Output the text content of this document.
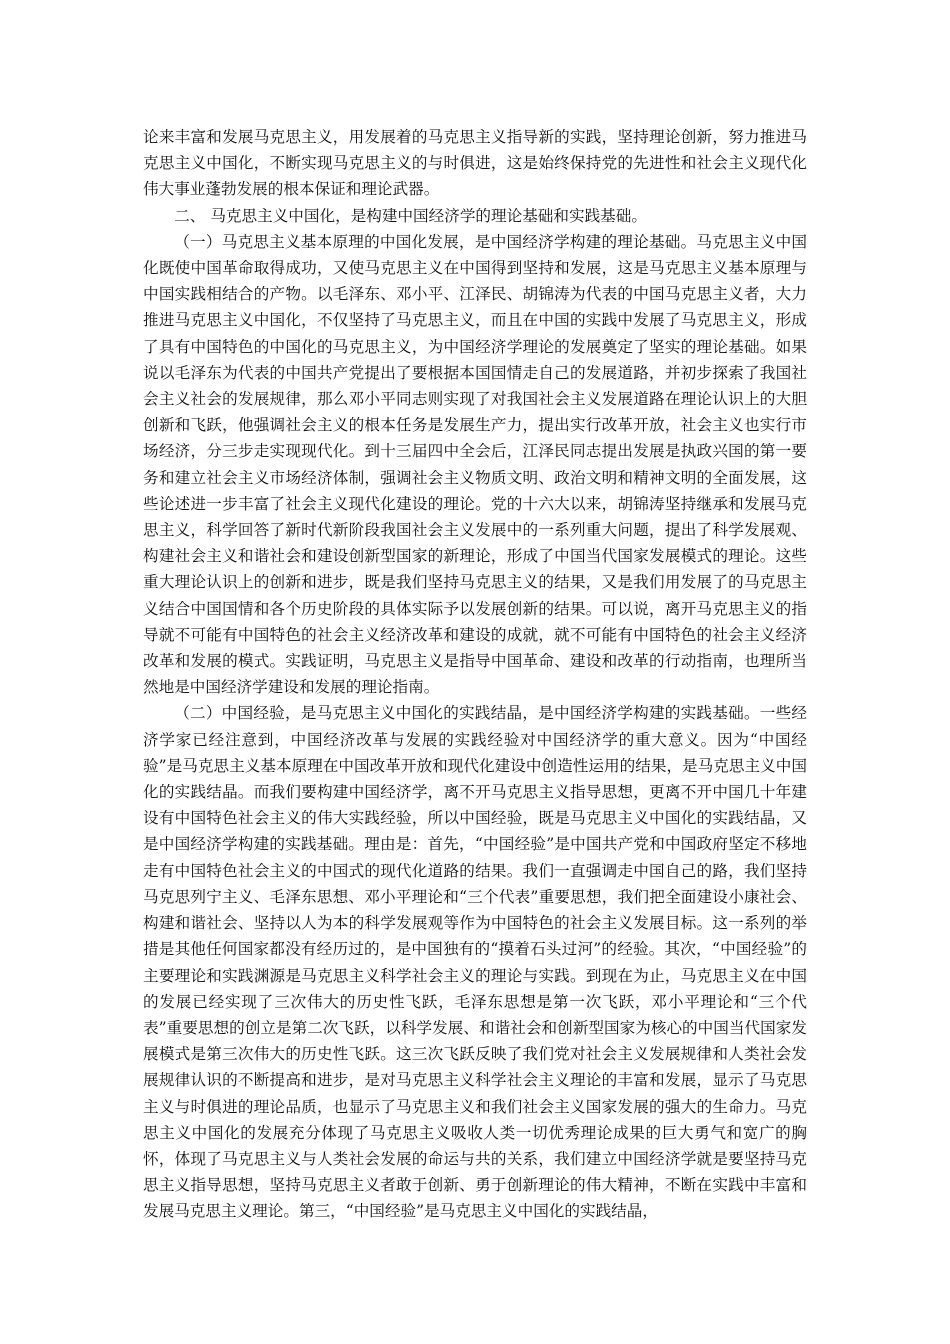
论来丰富和发展马克思主义，用发展着的马克思主义指导新的实践，坚持理论创新，努力推进马克思主义中国化，不断实现马克思主义的与时俱进，这是始终保持党的先进性和社会主义现代化伟大事业蓬勃发展的根本保证和理论武器。

二、 马克思主义中国化，是构建中国经济学的理论基础和实践基础。

（一）马克思主义基本原理的中国化发展，是中国经济学构建的理论基础。马克思主义中国化既使中国革命取得成功，又使马克思主义在中国得到坚持和发展，这是马克思主义基本原理与中国实践相结合的产物。以毛泽东、邓小平、江泽民、胡锦涛为代表的中国马克思主义者，大力推进马克思主义中国化，不仅坚持了马克思主义，而且在中国的实践中发展了马克思主义，形成了具有中国特色的中国化的马克思主义，为中国经济学理论的发展奠定了坚实的理论基础。如果说以毛泽东为代表的中国共产党提出了要根据本国国情走自己的发展道路，并初步探索了我国社会主义社会的发展规律，那么邓小平同志则实现了对我国社会主义发展道路在理论认识上的大胆创新和飞跃，他强调社会主义的根本任务是发展生产力，提出实行改革开放，社会主义也实行市场经济，分三步走实现现代化。到十三届四中全会后，江泽民同志提出发展是执政兴国的第一要务和建立社会主义市场经济体制，强调社会主义物质文明、政治文明和精神文明的全面发展，这些论述进一步丰富了社会主义现代化建设的理论。党的十六大以来，胡锦涛坚持继承和发展马克思主义，科学回答了新时代新阶段我国社会主义发展中的一系列重大问题，提出了科学发展观、构建社会主义和谐社会和建设创新型国家的新理论，形成了中国当代国家发展模式的理论。这些重大理论认识上的创新和进步，既是我们坚持马克思主义的结果，又是我们用发展了的马克思主义结合中国国情和各个历史阶段的具体实际予以发展创新的结果。可以说，离开马克思主义的指导就不可能有中国特色的社会主义经济改革和建设的成就，就不可能有中国特色的社会主义经济改革和发展的模式。实践证明，马克思主义是指导中国革命、建设和改革的行动指南，也理所当然地是中国经济学建设和发展的理论指南。

（二）中国经验，是马克思主义中国化的实践结晶，是中国经济学构建的实践基础。一些经济学家已经注意到，中国经济改革与发展的实践经验对中国经济学的重大意义。因为“中国经验”是马克思主义基本原理在中国改革开放和现代化建设中创造性运用的结果，是马克思主义中国化的实践结晶。而我们要构建中国经济学，离不开马克思主义指导思想，更离不开中国几十年建设有中国特色社会主义的伟大实践经验，所以中国经验，既是马克思主义中国化的实践结晶，又是中国经济学构建的实践基础。理由是：首先，“中国经验”是中国共产党和中国政府坚定不移地走有中国特色社会主义的中国式的现代化道路的结果。我们一直强调走中国自己的路，我们坚持马克思列宁主义、毛泽东思想、邓小平理论和“三个代表”重要思想，我们把全面建设小康社会、构建和谐社会、坚持以人为本的科学发展观等作为中国特色的社会主义发展目标。这一系列的举措是其他任何国家都没有经历过的，是中国独有的“摸着石头过河”的经验。其次，“中国经验”的主要理论和实践渊源是马克思主义科学社会主义的理论与实践。到现在为止，马克思主义在中国的发展已经实现了三次伟大的历史性飞跃，毛泽东思想是第一次飞跃，邓小平理论和“三个代表”重要思想的创立是第二次飞跃，以科学发展、和谐社会和创新型国家为核心的中国当代国家发展模式是第三次伟大的历史性飞跃。这三次飞跃反映了我们党对社会主义发展规律和人类社会发展规律认识的不断提高和进步，是对马克思主义科学社会主义理论的丰富和发展，显示了马克思主义与时俱进的理论品质，也显示了马克思主义和我们社会主义国家发展的强大的生命力。马克思主义中国化的发展充分体现了马克思主义吸收人类一切优秀理论成果的巨大勇气和宽广的胸怀，体现了马克思主义与人类社会发展的命运与共的关系，我们建立中国经济学就是要坚持马克思主义指导思想，坚持马克思主义者敢于创新、勇于创新理论的伟大精神，不断在实践中丰富和发展马克思主义理论。第三，“中国经验”是马克思主义中国化的实践结晶，
